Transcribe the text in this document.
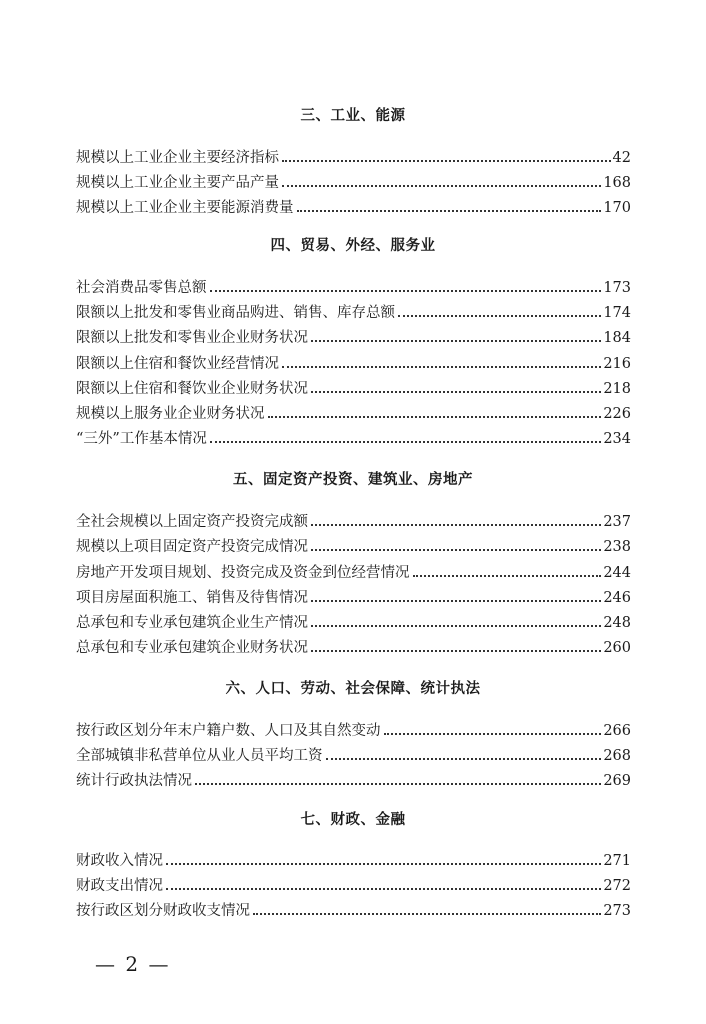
三、工业、能源
规模以上工业企业主要经济指标	42
规模以上工业企业主要产品产量	168
规模以上工业企业主要能源消费量	170
四、贸易、外经、服务业
社会消费品零售总额	173
限额以上批发和零售业商品购进、销售、库存总额	174
限额以上批发和零售业企业财务状况	184
限额以上住宿和餐饮业经营情况	216
限额以上住宿和餐饮业企业财务状况	218
规模以上服务业企业财务状况	226
“三外”工作基本情况	234
五、固定资产投资、建筑业、房地产
全社会规模以上固定资产投资完成额	237
规模以上项目固定资产投资完成情况	238
房地产开发项目规划、投资完成及资金到位经营情况	244
项目房屋面积施工、销售及待售情况	246
总承包和专业承包建筑企业生产情况	248
总承包和专业承包建筑企业财务状况	260
六、人口、劳动、社会保障、统计执法
按行政区划分年末户籍户数、人口及其自然变动	266
全部城镇非私营单位从业人员平均工资	268
统计行政执法情况	269
七、财政、金融
财政收入情况	271
财政支出情况	272
按行政区划分财政收支情况	273
— 2 —
